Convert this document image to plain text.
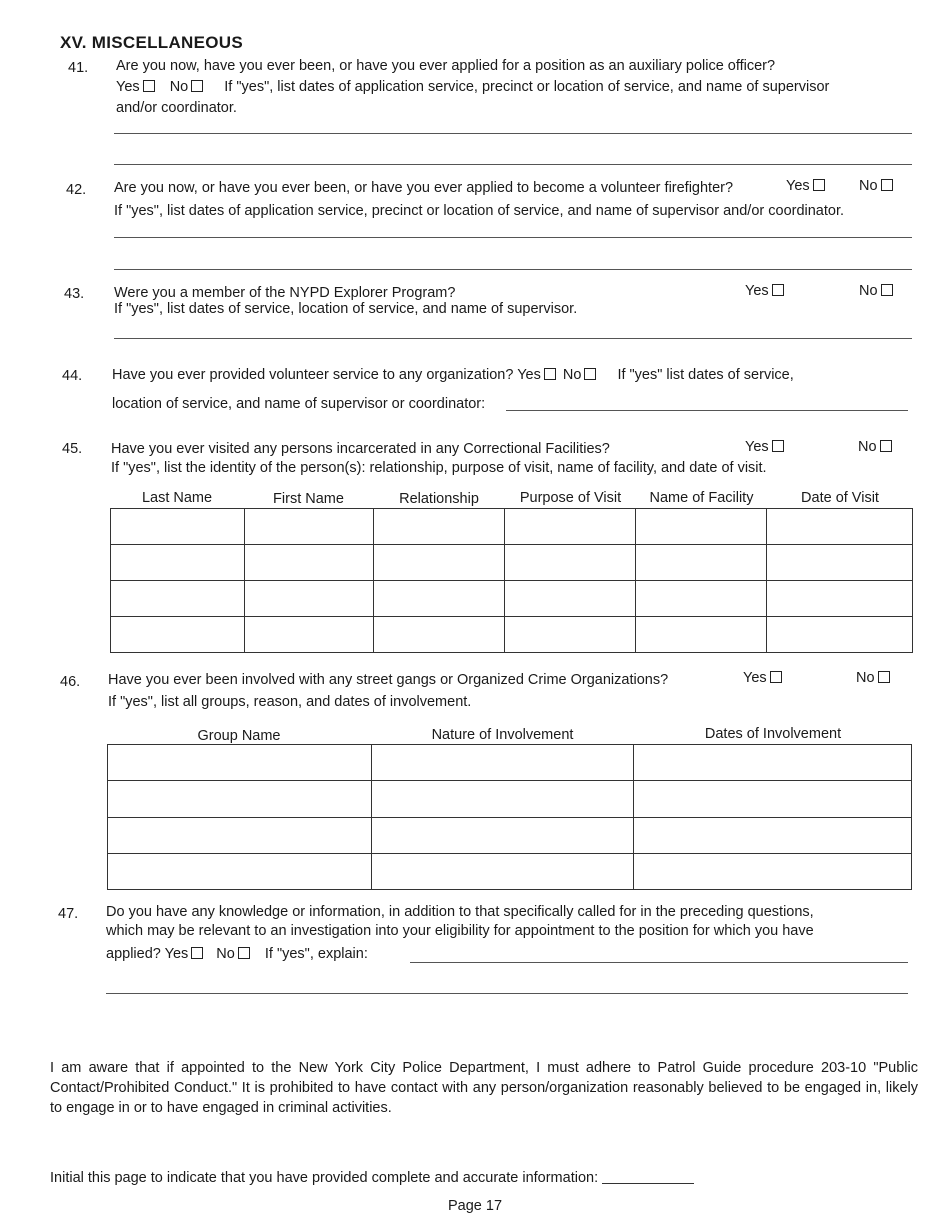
XV. MISCELLANEOUS
41.	Are you now, have you ever been, or have you ever applied for a position as an auxiliary police officer?
Yes No If "yes", list dates of application service, precinct or location of service, and name of supervisor
and/or coordinator.
42.	Are you now, or have you ever been, or have you ever applied to become a volunteer firefighter?	Yes	No
If "yes", list dates of application service, precinct or location of service, and name of supervisor and/or coordinator.
43.	Were you a member of the NYPD Explorer Program?	Yes	No
If "yes", list dates of service, location of service, and name of supervisor.
44.	Have you ever provided volunteer service to any organization? Yes No If "yes" list dates of service,
location of service, and name of supervisor or coordinator:
45.	Have you ever visited any persons incarcerated in any Correctional Facilities?	Yes	No
If "yes", list the identity of the person(s): relationship, purpose of visit, name of facility, and date of visit.
Last Name	First Name	Relationship	Purpose of Visit	Name of Facility	Date of Visit

46.	Have you ever been involved with any street gangs or Organized Crime Organizations?	Yes	No
If "yes", list all groups, reason, and dates of involvement.
Group Name	Nature of Involvement	Dates of Involvement

47.	Do you have any knowledge or information, in addition to that specifically called for in the preceding questions,
which may be relevant to an investigation into your eligibility for appointment to the position for which you have
applied? Yes No If "yes", explain:
I am aware that if appointed to the New York City Police Department, I must adhere to Patrol Guide procedure 203-10 "Public Contact/Prohibited Conduct." It is prohibited to have contact with any person/organization reasonably believed to be engaged in, likely to engage in or to have engaged in criminal activities.
Initial this page to indicate that you have provided complete and accurate information:
Page 17
